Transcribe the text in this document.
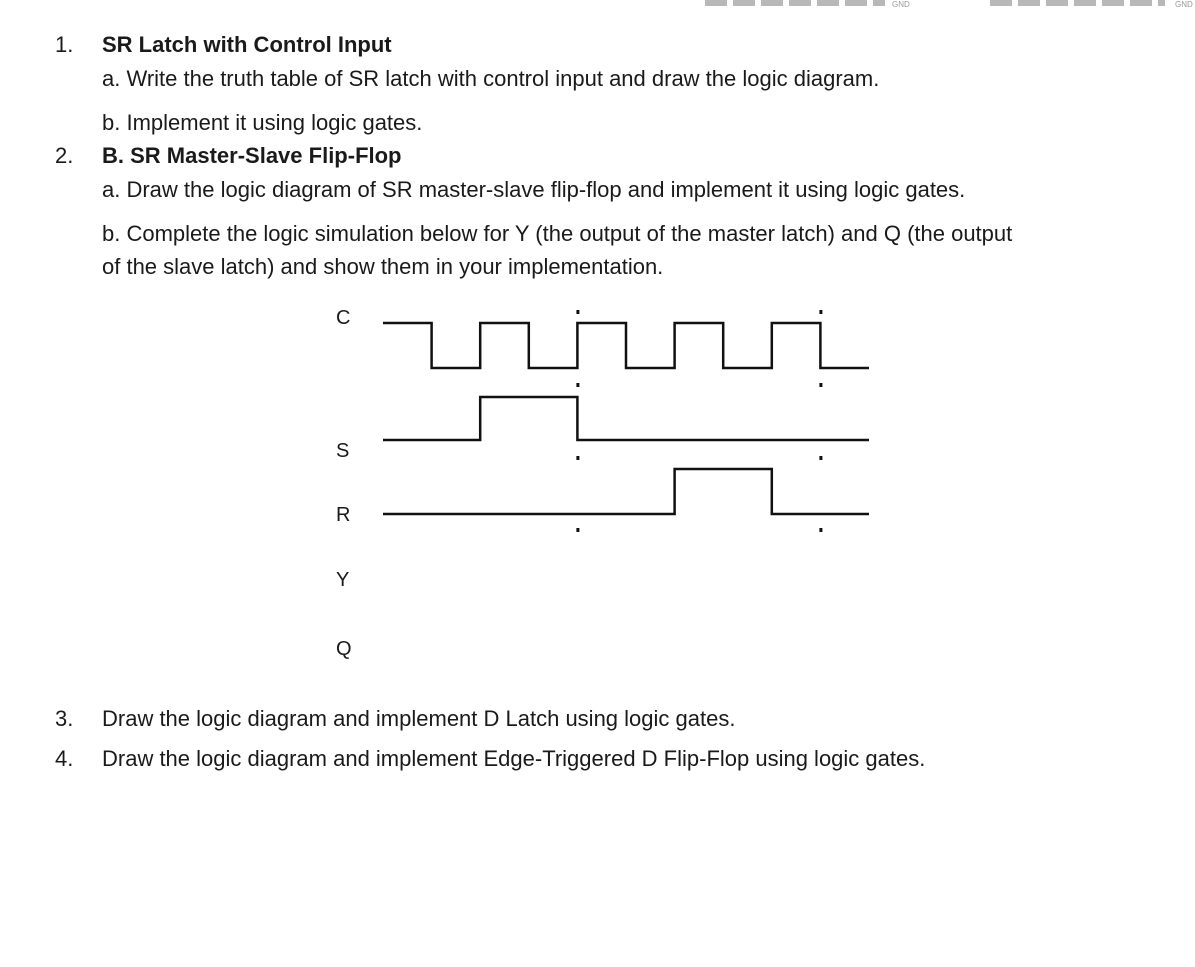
GND	GND
1. SR Latch with Control Input
a. Write the truth table of SR latch with control input and draw the logic diagram.
b. Implement it using logic gates.
2. B. SR Master-Slave Flip-Flop
a. Draw the logic diagram of SR master-slave flip-flop and implement it using logic gates.
b. Complete the logic simulation below for Y (the output of the master latch) and Q (the output
of the slave latch) and show them in your implementation.
C
S
R
Y
Q
3. Draw the logic diagram and implement D Latch using logic gates.
4. Draw the logic diagram and implement Edge-Triggered D Flip-Flop using logic gates.
